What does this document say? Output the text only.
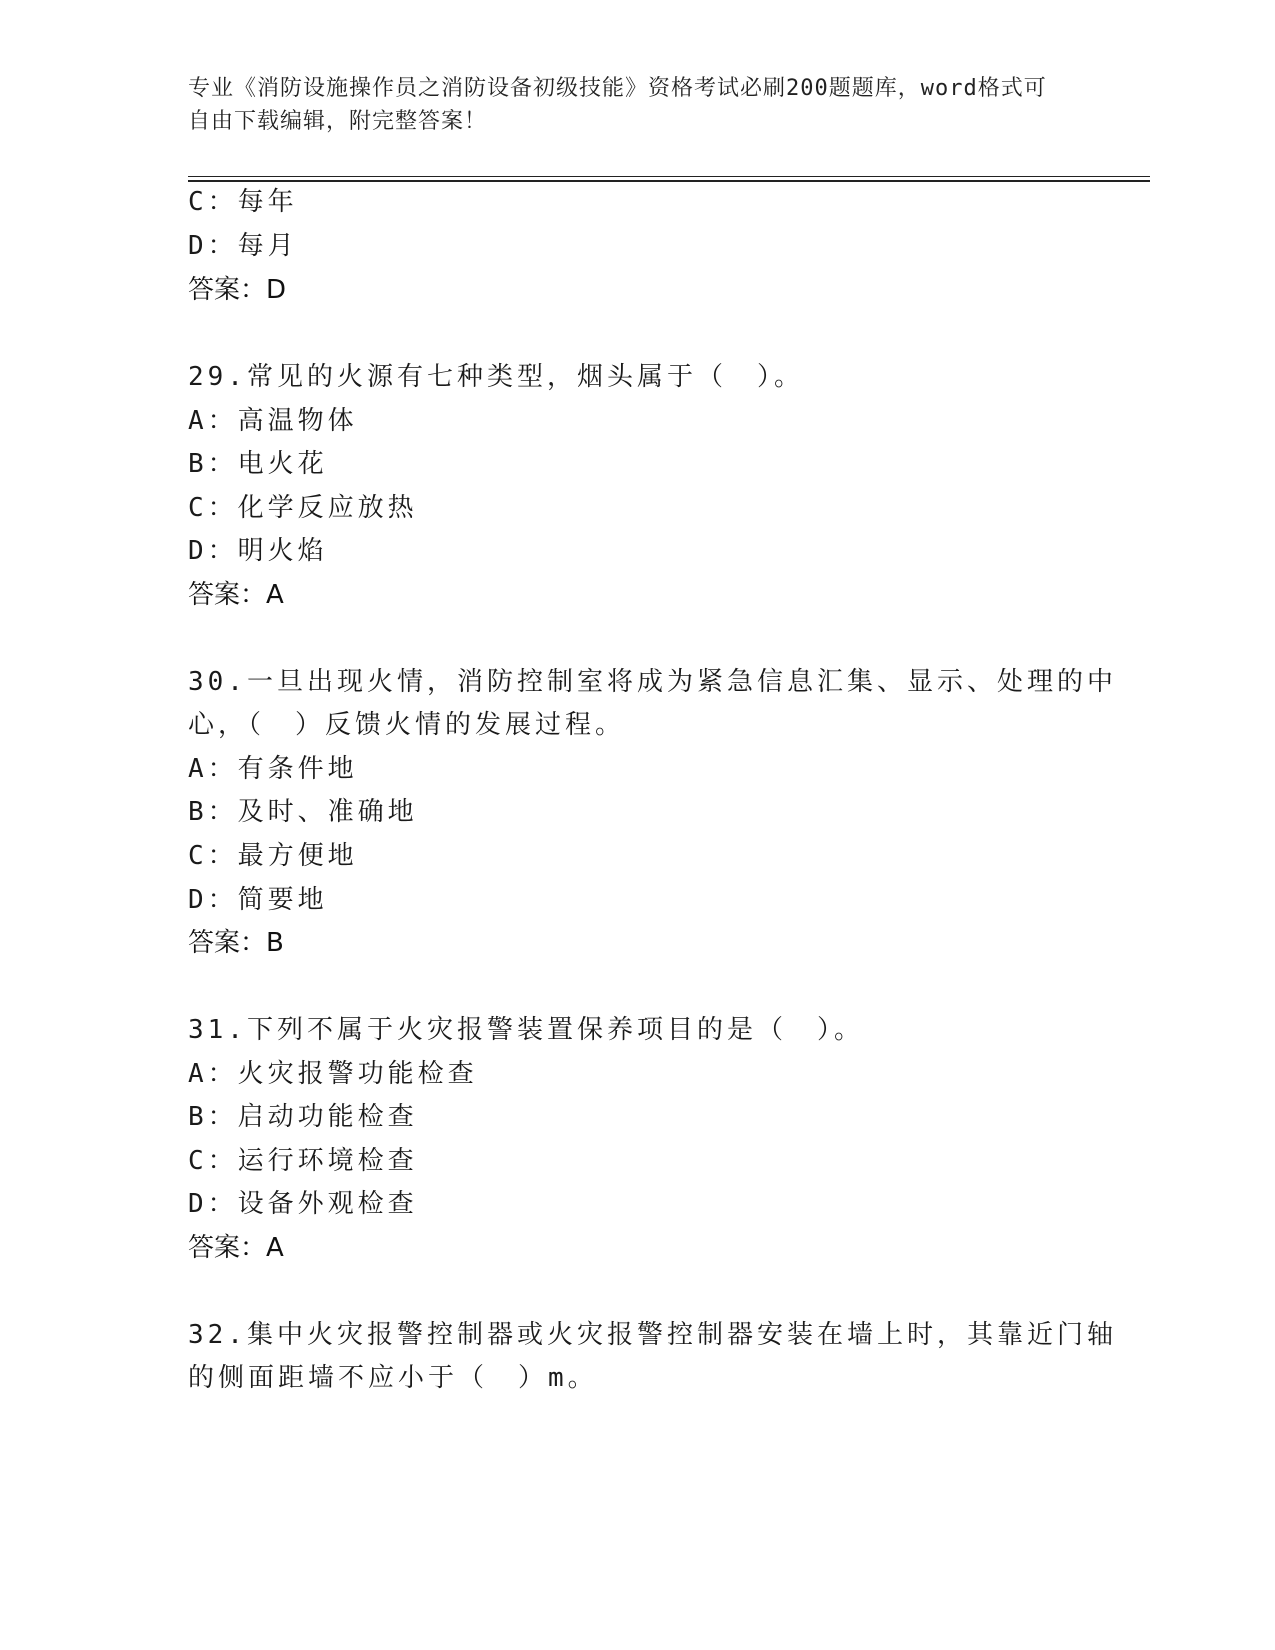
专业《消防设施操作员之消防设备初级技能》资格考试必刷200题题库，word格式可自由下载编辑，附完整答案！
C：每年
D：每月
答案：D
29.常见的火源有七种类型，烟头属于（　）。
A：高温物体
B：电火花
C：化学反应放热
D：明火焰
答案：A
30.一旦出现火情，消防控制室将成为紧急信息汇集、显示、处理的中
心，（　）反馈火情的发展过程。
A：有条件地
B：及时、准确地
C：最方便地
D：简要地
答案：B
31.下列不属于火灾报警装置保养项目的是（　）。
A：火灾报警功能检查
B：启动功能检查
C：运行环境检查
D：设备外观检查
答案：A
32.集中火灾报警控制器或火灾报警控制器安装在墙上时，其靠近门轴
的侧面距墙不应小于（　）m。
